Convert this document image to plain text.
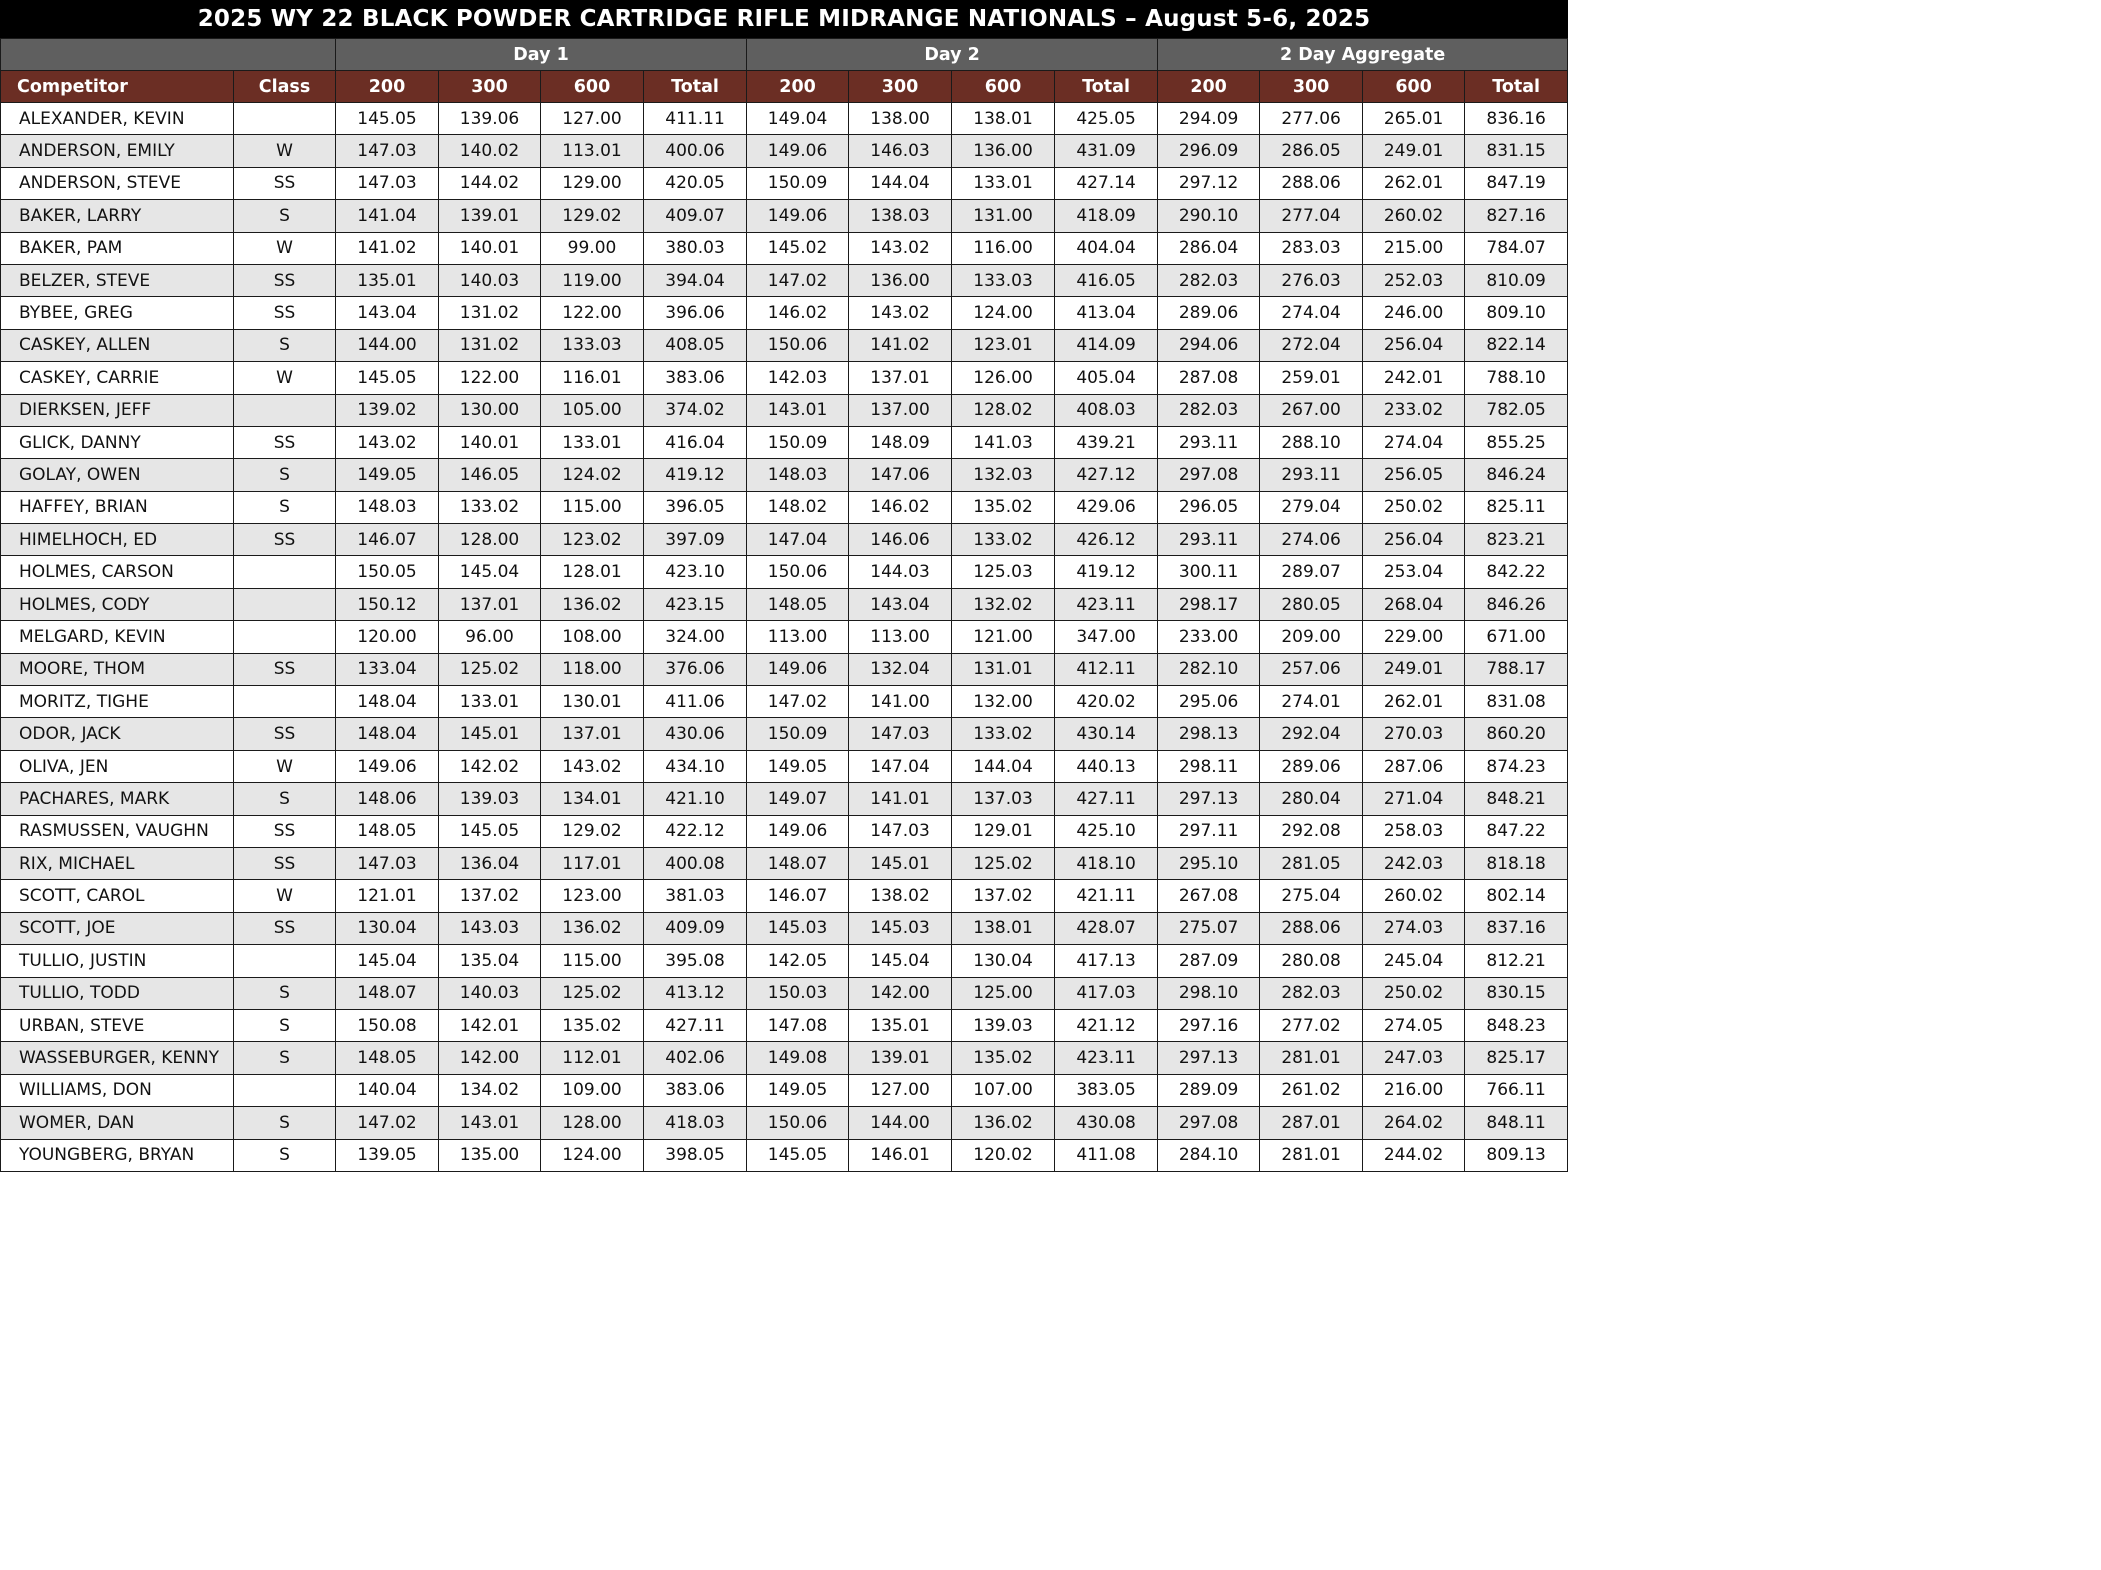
2025 WY 22 BLACK POWDER CARTRIDGE RIFLE MIDRANGE NATIONALS – August 5-6, 2025
		Day 1				Day 2				2 Day Aggregate			
Competitor	Class	200	300	600	Total	200	300	600	Total	200	300	600	Total
ALEXANDER, KEVIN		145.05	139.06	127.00	411.11	149.04	138.00	138.01	425.05	294.09	277.06	265.01	836.16
ANDERSON, EMILY	W	147.03	140.02	113.01	400.06	149.06	146.03	136.00	431.09	296.09	286.05	249.01	831.15
ANDERSON, STEVE	SS	147.03	144.02	129.00	420.05	150.09	144.04	133.01	427.14	297.12	288.06	262.01	847.19
BAKER, LARRY	S	141.04	139.01	129.02	409.07	149.06	138.03	131.00	418.09	290.10	277.04	260.02	827.16
BAKER, PAM	W	141.02	140.01	99.00	380.03	145.02	143.02	116.00	404.04	286.04	283.03	215.00	784.07
BELZER, STEVE	SS	135.01	140.03	119.00	394.04	147.02	136.00	133.03	416.05	282.03	276.03	252.03	810.09
BYBEE, GREG	SS	143.04	131.02	122.00	396.06	146.02	143.02	124.00	413.04	289.06	274.04	246.00	809.10
CASKEY, ALLEN	S	144.00	131.02	133.03	408.05	150.06	141.02	123.01	414.09	294.06	272.04	256.04	822.14
CASKEY, CARRIE	W	145.05	122.00	116.01	383.06	142.03	137.01	126.00	405.04	287.08	259.01	242.01	788.10
DIERKSEN, JEFF		139.02	130.00	105.00	374.02	143.01	137.00	128.02	408.03	282.03	267.00	233.02	782.05
GLICK, DANNY	SS	143.02	140.01	133.01	416.04	150.09	148.09	141.03	439.21	293.11	288.10	274.04	855.25
GOLAY, OWEN	S	149.05	146.05	124.02	419.12	148.03	147.06	132.03	427.12	297.08	293.11	256.05	846.24
HAFFEY, BRIAN	S	148.03	133.02	115.00	396.05	148.02	146.02	135.02	429.06	296.05	279.04	250.02	825.11
HIMELHOCH, ED	SS	146.07	128.00	123.02	397.09	147.04	146.06	133.02	426.12	293.11	274.06	256.04	823.21
HOLMES, CARSON		150.05	145.04	128.01	423.10	150.06	144.03	125.03	419.12	300.11	289.07	253.04	842.22
HOLMES, CODY		150.12	137.01	136.02	423.15	148.05	143.04	132.02	423.11	298.17	280.05	268.04	846.26
MELGARD, KEVIN		120.00	96.00	108.00	324.00	113.00	113.00	121.00	347.00	233.00	209.00	229.00	671.00
MOORE, THOM	SS	133.04	125.02	118.00	376.06	149.06	132.04	131.01	412.11	282.10	257.06	249.01	788.17
MORITZ, TIGHE		148.04	133.01	130.01	411.06	147.02	141.00	132.00	420.02	295.06	274.01	262.01	831.08
ODOR, JACK	SS	148.04	145.01	137.01	430.06	150.09	147.03	133.02	430.14	298.13	292.04	270.03	860.20
OLIVA, JEN	W	149.06	142.02	143.02	434.10	149.05	147.04	144.04	440.13	298.11	289.06	287.06	874.23
PACHARES, MARK	S	148.06	139.03	134.01	421.10	149.07	141.01	137.03	427.11	297.13	280.04	271.04	848.21
RASMUSSEN, VAUGHN	SS	148.05	145.05	129.02	422.12	149.06	147.03	129.01	425.10	297.11	292.08	258.03	847.22
RIX, MICHAEL	SS	147.03	136.04	117.01	400.08	148.07	145.01	125.02	418.10	295.10	281.05	242.03	818.18
SCOTT, CAROL	W	121.01	137.02	123.00	381.03	146.07	138.02	137.02	421.11	267.08	275.04	260.02	802.14
SCOTT, JOE	SS	130.04	143.03	136.02	409.09	145.03	145.03	138.01	428.07	275.07	288.06	274.03	837.16
TULLIO, JUSTIN		145.04	135.04	115.00	395.08	142.05	145.04	130.04	417.13	287.09	280.08	245.04	812.21
TULLIO, TODD	S	148.07	140.03	125.02	413.12	150.03	142.00	125.00	417.03	298.10	282.03	250.02	830.15
URBAN, STEVE	S	150.08	142.01	135.02	427.11	147.08	135.01	139.03	421.12	297.16	277.02	274.05	848.23
WASSEBURGER, KENNY	S	148.05	142.00	112.01	402.06	149.08	139.01	135.02	423.11	297.13	281.01	247.03	825.17
WILLIAMS, DON		140.04	134.02	109.00	383.06	149.05	127.00	107.00	383.05	289.09	261.02	216.00	766.11
WOMER, DAN	S	147.02	143.01	128.00	418.03	150.06	144.00	136.02	430.08	297.08	287.01	264.02	848.11
YOUNGBERG, BRYAN	S	139.05	135.00	124.00	398.05	145.05	146.01	120.02	411.08	284.10	281.01	244.02	809.13
